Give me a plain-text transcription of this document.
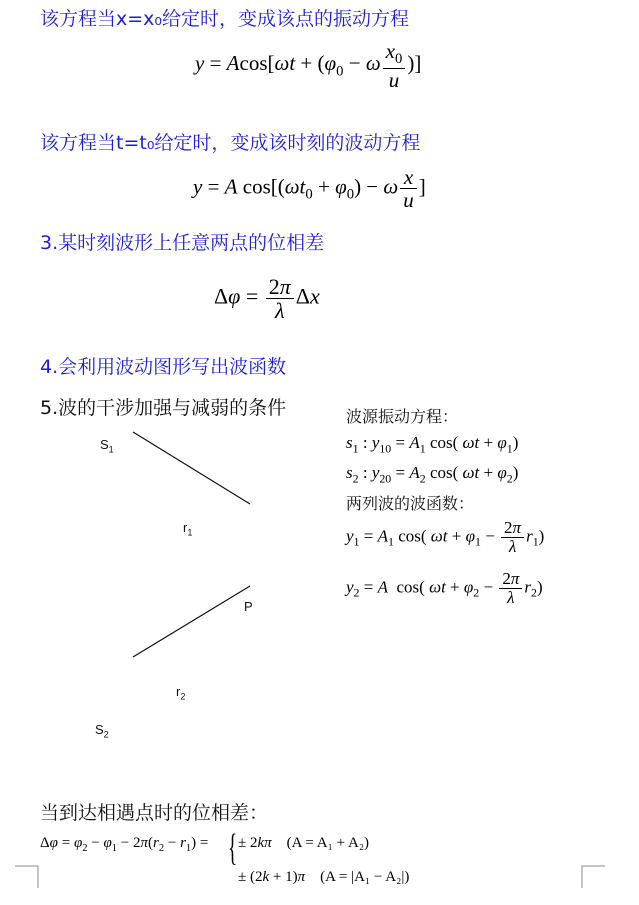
该方程当x=x₀给定时，变成该点的振动方程
$y = Acos[\omega t + (\varphi_0 - \omega \frac{x_0}{u}$ )]
该方程当t=t₀给定时，变成该时刻的波动方程
y = A $\cos[(\omega t_0 + \varphi_0) - \omega \frac{x}{u}$ ]
3.某时刻波形上任意两点的位相差
$\Delta\varphi = \frac{2\pi}{\lambda}$ Δx
4.会利用波动图形写出波函数
5.波的干涉加强与减弱的条件
$S_1$
$r_1$
P
$r_2$
$S_2$
波源振动方程：
$s_1$ : $y_{10} = A_1$ cos( $\omega t + \varphi_1$)
$s_2$ : $y_{20} = A_2$ cos( $\omega t + \varphi_2$)
两列波的波函数：
$y_1 = A_1$ cos( $\omega t + \varphi_1 - \frac{2\pi}{\lambda} r_1$)
$y_2 = A$  cos( $\omega t + \varphi_2 - \frac{2\pi}{\lambda} r_2$)
当到达相遇点时的位相差：
$\Delta\varphi = \varphi_2 - \varphi_1 - 2\pi(r_2 - r_1)$ = { ± 2kπ (A = A₁ + A₂)
± (2k + 1)π (A = |A₁ − A₂|)
